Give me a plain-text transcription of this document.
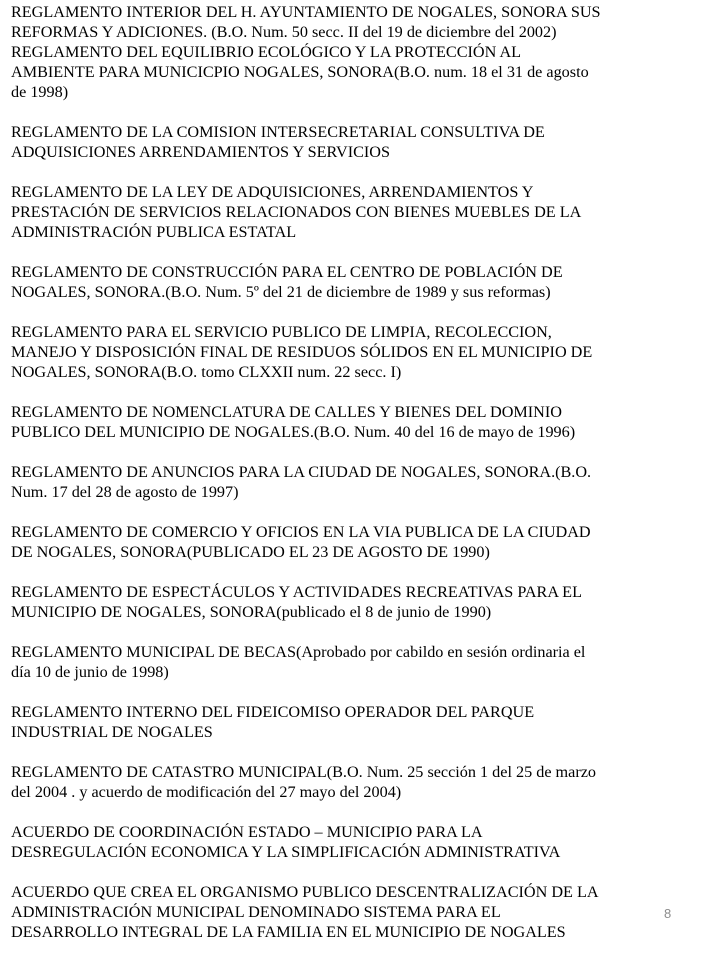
REGLAMENTO INTERIOR DEL H. AYUNTAMIENTO DE NOGALES, SONORA SUS
REFORMAS Y ADICIONES. (B.O. Num. 50 secc. II del 19 de diciembre del 2002)

REGLAMENTO DEL EQUILIBRIO ECOLÓGICO Y LA PROTECCIÓN AL
AMBIENTE PARA MUNICICPIO NOGALES, SONORA(B.O. num. 18 el 31 de agosto
de 1998)

REGLAMENTO DE LA COMISION INTERSECRETARIAL CONSULTIVA DE
ADQUISICIONES ARRENDAMIENTOS Y SERVICIOS

REGLAMENTO DE LA LEY DE ADQUISICIONES, ARRENDAMIENTOS Y
PRESTACIÓN DE SERVICIOS RELACIONADOS CON BIENES MUEBLES DE LA
ADMINISTRACIÓN PUBLICA ESTATAL

REGLAMENTO DE CONSTRUCCIÓN PARA EL CENTRO DE POBLACIÓN DE
NOGALES, SONORA.(B.O. Num. 5º del 21 de diciembre de 1989 y sus reformas)

REGLAMENTO PARA EL SERVICIO PUBLICO DE LIMPIA, RECOLECCION,
MANEJO Y DISPOSICIÓN FINAL DE RESIDUOS SÓLIDOS EN EL MUNICIPIO DE
NOGALES, SONORA(B.O. tomo CLXXII num. 22 secc. I)

REGLAMENTO DE NOMENCLATURA DE CALLES Y BIENES DEL DOMINIO
PUBLICO DEL MUNICIPIO DE NOGALES.(B.O. Num. 40 del 16 de mayo de 1996)

REGLAMENTO DE ANUNCIOS PARA LA CIUDAD DE NOGALES, SONORA.(B.O.
Num. 17 del 28 de agosto de 1997)

REGLAMENTO DE COMERCIO Y OFICIOS EN LA VIA PUBLICA DE LA CIUDAD
DE NOGALES, SONORA(PUBLICADO EL 23 DE AGOSTO DE 1990)

REGLAMENTO DE ESPECTÁCULOS Y ACTIVIDADES RECREATIVAS PARA EL
MUNICIPIO DE NOGALES, SONORA(publicado el 8 de junio de 1990)

REGLAMENTO MUNICIPAL DE BECAS(Aprobado por cabildo en sesión ordinaria el
día 10 de junio de 1998)

REGLAMENTO INTERNO DEL FIDEICOMISO OPERADOR DEL PARQUE
INDUSTRIAL DE NOGALES

REGLAMENTO DE CATASTRO MUNICIPAL(B.O. Num. 25 sección 1 del 25 de marzo
del 2004 . y acuerdo de modificación del 27 mayo del 2004)

ACUERDO DE COORDINACIÓN ESTADO – MUNICIPIO PARA LA
DESREGULACIÓN ECONOMICA Y LA SIMPLIFICACIÓN ADMINISTRATIVA

ACUERDO QUE CREA EL ORGANISMO PUBLICO DESCENTRALIZACIÓN DE LA
ADMINISTRACIÓN MUNICIPAL DENOMINADO SISTEMA PARA EL
DESARROLLO INTEGRAL DE LA FAMILIA EN EL MUNICIPIO DE NOGALES

8
